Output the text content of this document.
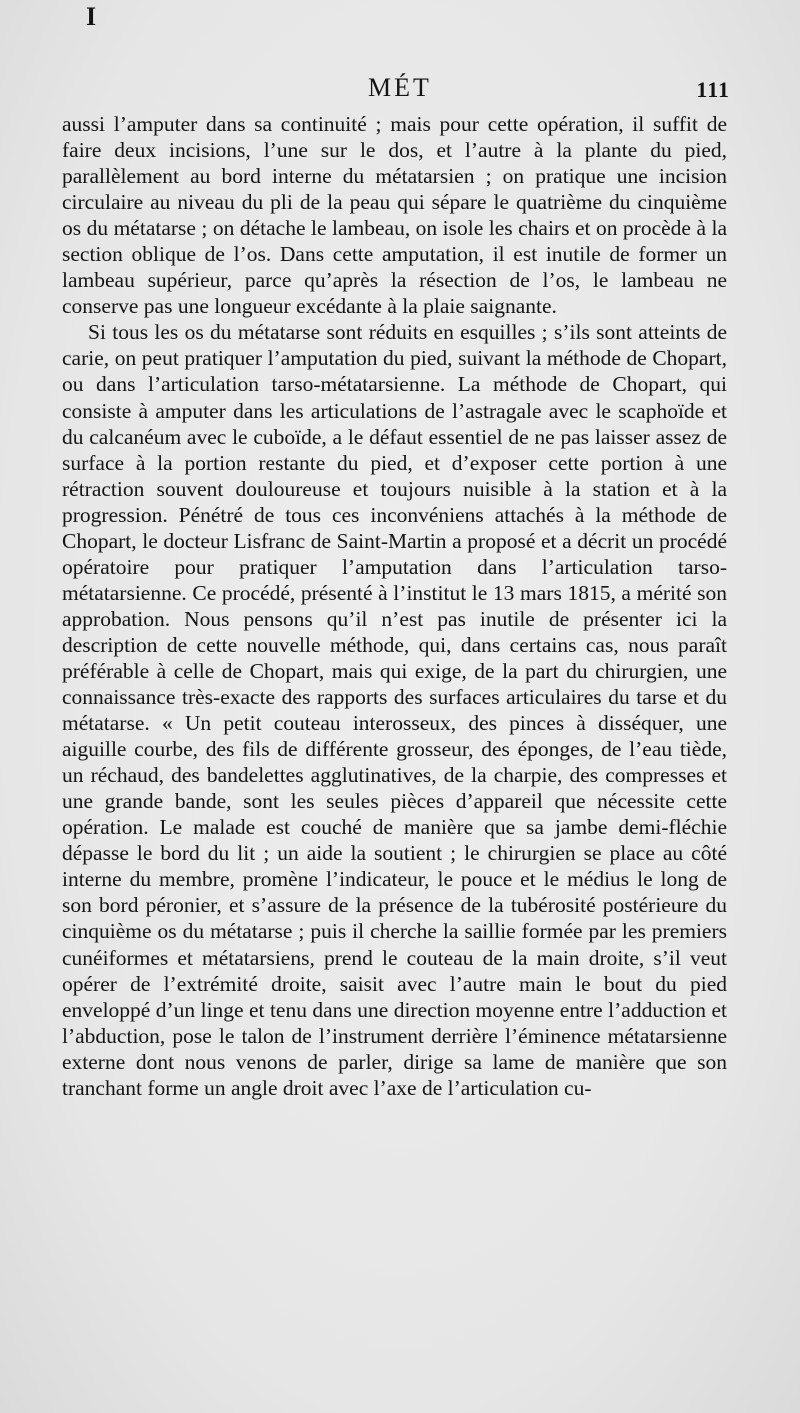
I
MÉT	111

aussi l’amputer dans sa continuité ; mais pour cette opération, il suffit de faire deux incisions, l’une sur le dos, et l’autre à la plante du pied, parallèlement au bord interne du métatarsien ; on pratique une incision circulaire au niveau du pli de la peau qui sépare le quatrième du cinquième os du métatarse ; on détache le lambeau, on isole les chairs et on procède à la section oblique de l’os. Dans cette amputation, il est inutile de former un lambeau supérieur, parce qu’après la résection de l’os, le lambeau ne conserve pas une longueur excédante à la plaie saignante.

Si tous les os du métatarse sont réduits en esquilles ; s’ils sont atteints de carie, on peut pratiquer l’amputation du pied, suivant la méthode de Chopart, ou dans l’articulation tarso-métatarsienne. La méthode de Chopart, qui consiste à amputer dans les articulations de l’astragale avec le scaphoïde et du calcanéum avec le cuboïde, a le défaut essentiel de ne pas laisser assez de surface à la portion restante du pied, et d’exposer cette portion à une rétraction souvent douloureuse et toujours nuisible à la station et à la progression. Pénétré de tous ces inconvéniens attachés à la méthode de Chopart, le docteur Lisfranc de Saint-Martin a proposé et a décrit un procédé opératoire pour pratiquer l’amputation dans l’articulation tarso-métatarsienne. Ce procédé, présenté à l’institut le 13 mars 1815, a mérité son approbation. Nous pensons qu’il n’est pas inutile de présenter ici la description de cette nouvelle méthode, qui, dans certains cas, nous paraît préférable à celle de Chopart, mais qui exige, de la part du chirurgien, une connaissance très-exacte des rapports des surfaces articulaires du tarse et du métatarse. « Un petit couteau interosseux, des pinces à disséquer, une aiguille courbe, des fils de différente grosseur, des éponges, de l’eau tiède, un réchaud, des bandelettes agglutinatives, de la charpie, des compresses et une grande bande, sont les seules pièces d’appareil que nécessite cette opération. Le malade est couché de manière que sa jambe demi-fléchie dépasse le bord du lit ; un aide la soutient ; le chirurgien se place au côté interne du membre, promène l’indicateur, le pouce et le médius le long de son bord péronier, et s’assure de la présence de la tubérosité postérieure du cinquième os du métatarse ; puis il cherche la saillie formée par les premiers cunéiformes et métatarsiens, prend le couteau de la main droite, s’il veut opérer de l’extrémité droite, saisit avec l’autre main le bout du pied enveloppé d’un linge et tenu dans une direction moyenne entre l’adduction et l’abduction, pose le talon de l’instrument derrière l’éminence métatarsienne externe dont nous venons de parler, dirige sa lame de manière que son tranchant forme un angle droit avec l’axe de l’articulation cu-
